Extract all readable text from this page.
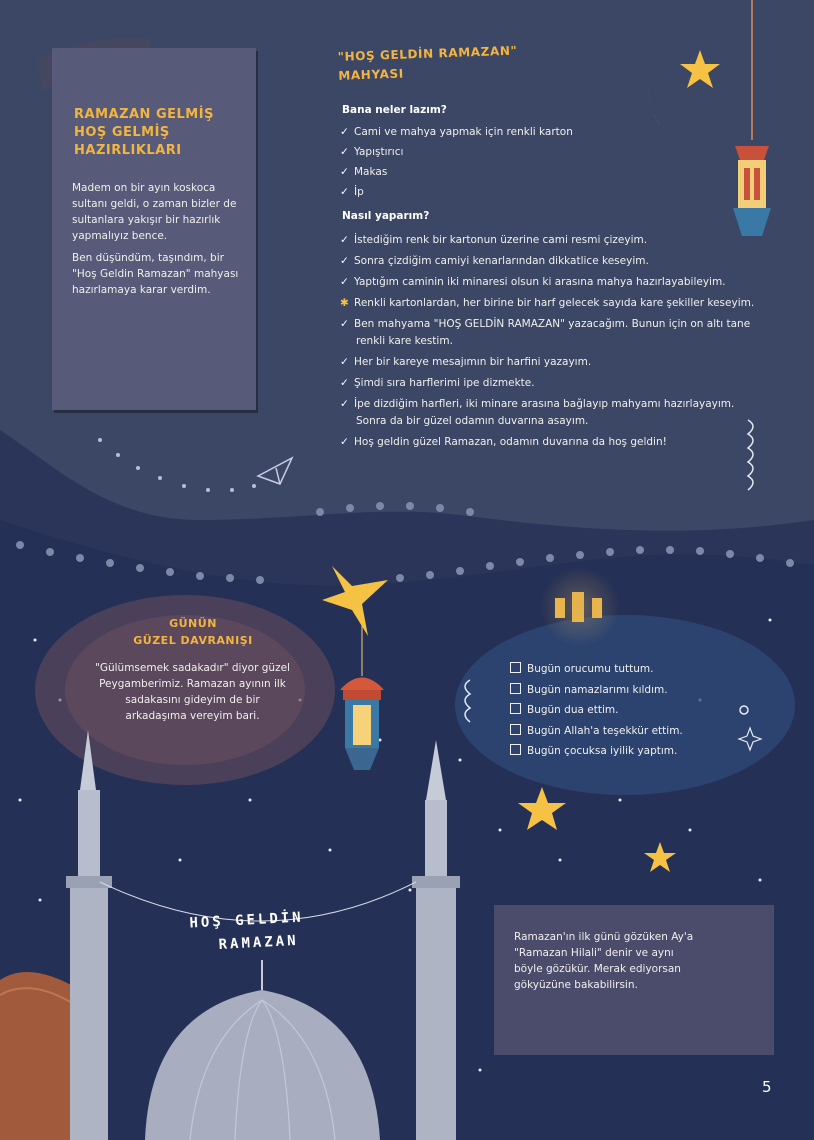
RAMAZAN GELMİŞ HOŞ GELMİŞ HAZIRLIKLARI

Madem on bir ayın koskoca sultanı geldi, o zaman bizler de sultanlara yakışır bir hazırlık yapmalıyız bence.

Ben düşündüm, taşındım, bir "Hoş Geldin Ramazan" mahyası hazırlamaya karar verdim.

"HOŞ GELDİN RAMAZAN" MAHYASI
Bana neler lazım?
✓ Cami ve mahya yapmak için renkli karton
✓ Yapıştırıcı
✓ Makas
✓ İp
Nasıl yaparım?
✓ İstediğim renk bir kartonun üzerine cami resmi çizeyim.
✓ Sonra çizdiğim camiyi kenarlarından dikkatlice keseyim.
✓ Yaptığım caminin iki minaresi olsun ki arasına mahya hazırlayabileyim.
✱ Renkli kartonlardan, her birine bir harf gelecek sayıda kare şekiller keseyim.
✓ Ben mahyama "HOŞ GELDİN RAMAZAN" yazacağım. Bunun için on altı tane renkli kare kestim.
✓ Her bir kareye mesajımın bir harfini yazayım.
✓ Şimdi sıra harflerimi ipe dizmekte.
✓ İpe dizdiğim harfleri, iki minare arasına bağlayıp mahyamı hazırlayayım. Sonra da bir güzel odamın duvarına asayım.
✓ Hoş geldin güzel Ramazan, odamın duvarına da hoş geldin!
GÜNÜN
GÜZEL DAVRANIŞI
"Gülümsemek sadakadır" diyor güzel Peygamberimiz. Ramazan ayının ilk sadakasını gideyim de bir arkadaşıma vereyim bari.
Bugün orucumu tuttum.
Bugün namazlarımı kıldım.
Bugün dua ettim.
Bugün Allah'a teşekkür ettim.
Bugün çocuksa iyilik yaptım.
Ramazan'ın ilk günü gözüken Ay'a "Ramazan Hilali" denir ve aynı böyle gözükür. Merak ediyorsan gökyüzüne bakabilirsin.
HOŞ GELDİN
RAMAZAN
5
